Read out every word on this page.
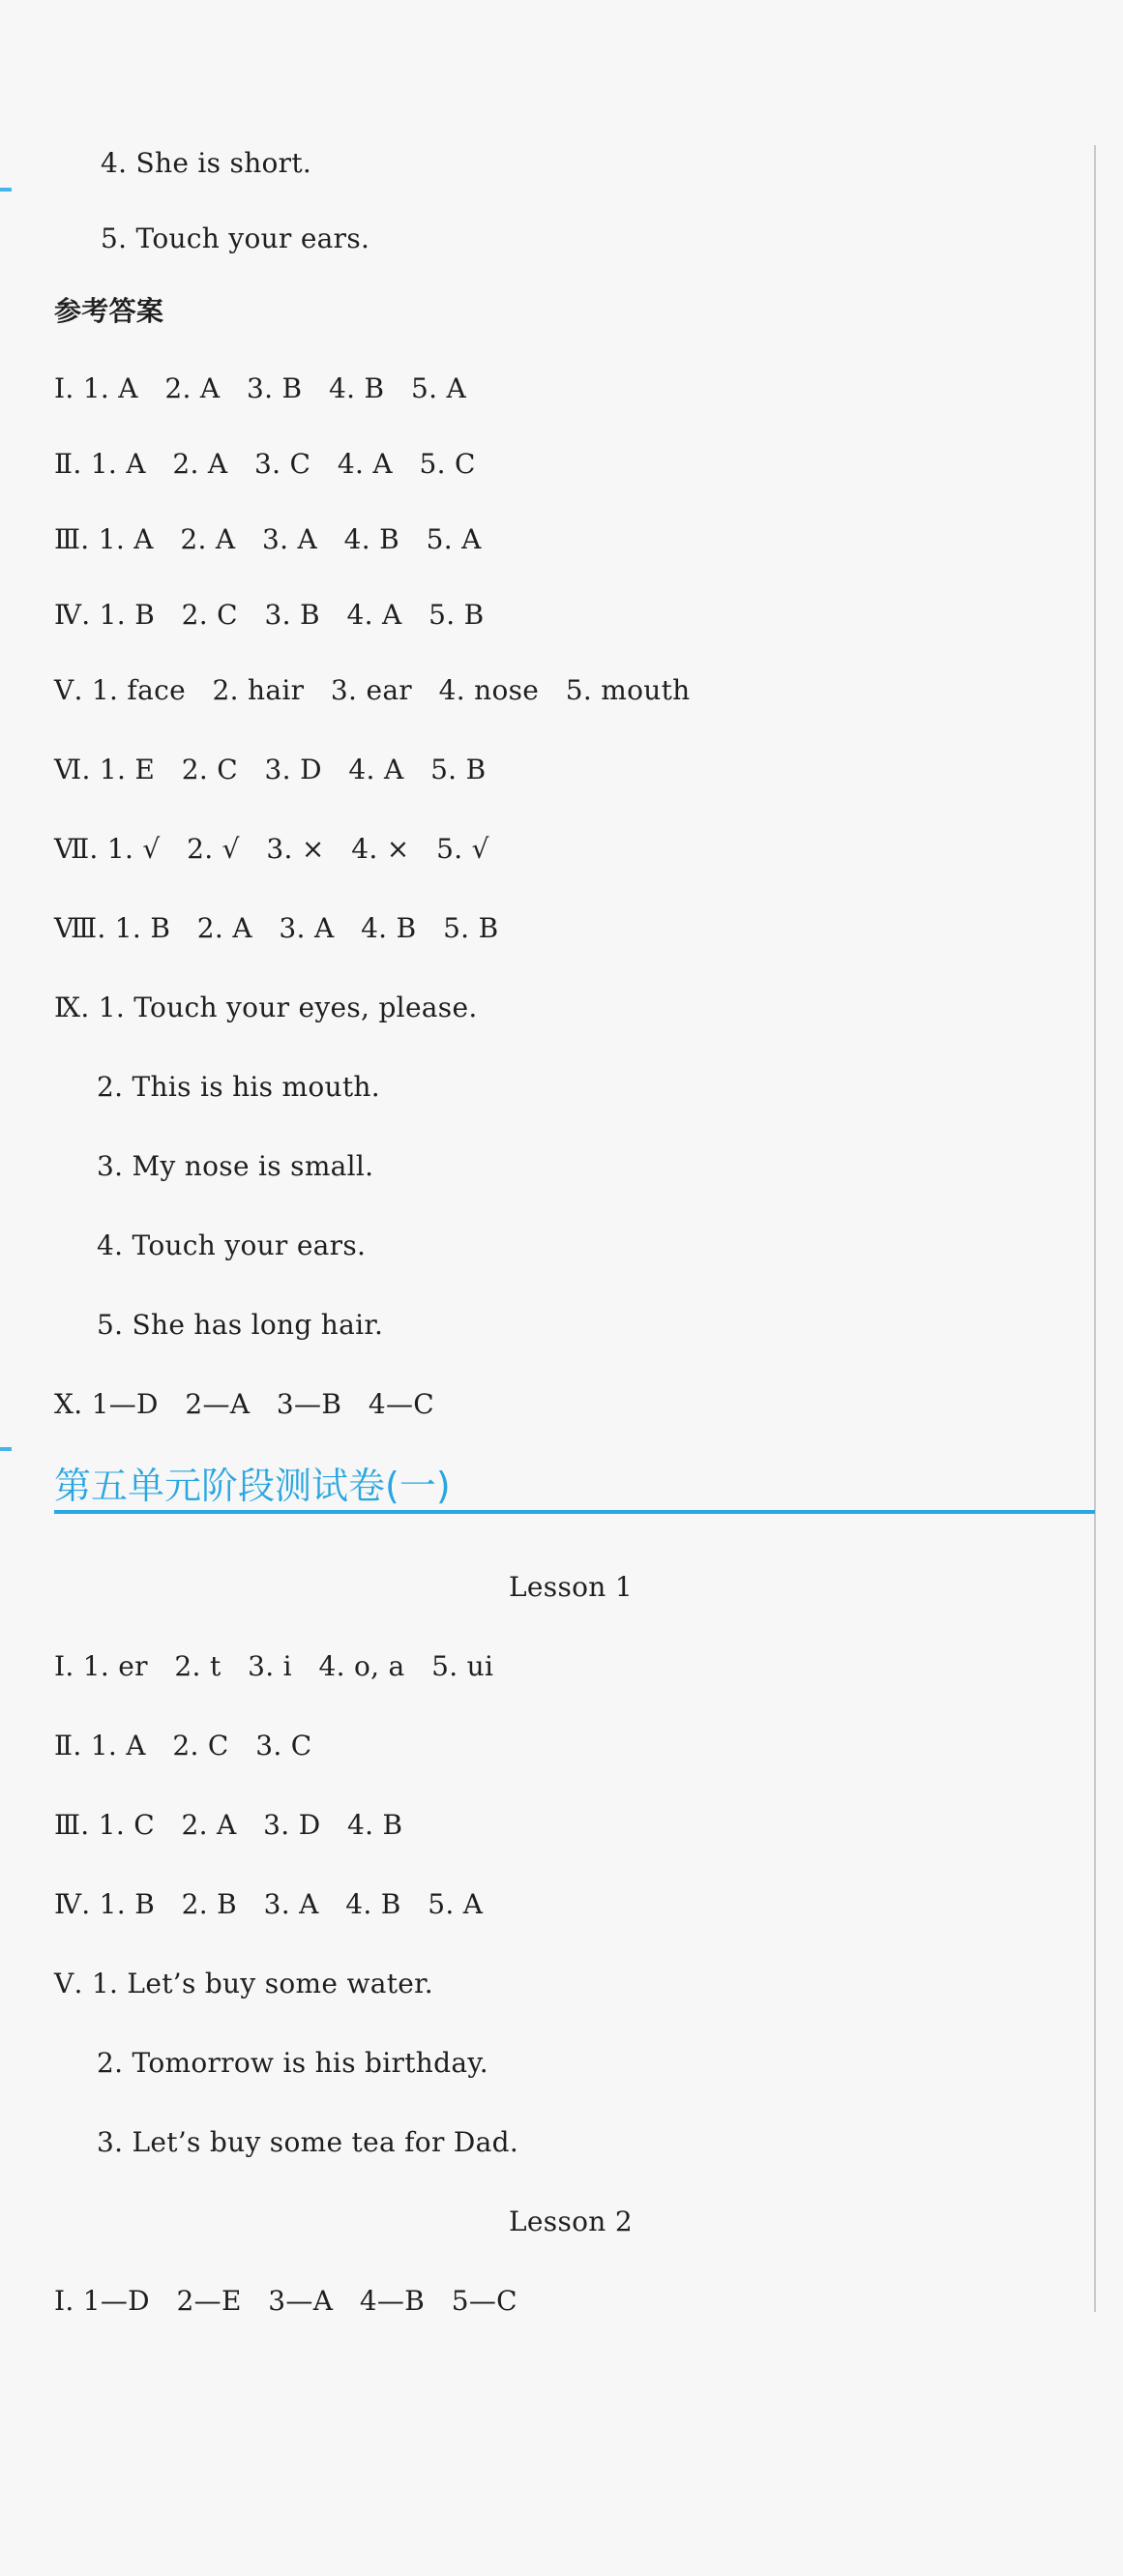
4. She is short.
5. Touch your ears.
参考答案
Ⅰ. 1. A   2. A   3. B   4. B   5. A
Ⅱ. 1. A   2. A   3. C   4. A   5. C
Ⅲ. 1. A   2. A   3. A   4. B   5. A
Ⅳ. 1. B   2. C   3. B   4. A   5. B
Ⅴ. 1. face   2. hair   3. ear   4. nose   5. mouth
Ⅵ. 1. E   2. C   3. D   4. A   5. B
Ⅶ. 1. √   2. √   3. ×   4. ×   5. √
Ⅷ. 1. B   2. A   3. A   4. B   5. B
Ⅸ. 1. Touch your eyes, please.
2. This is his mouth.
3. My nose is small.
4. Touch your ears.
5. She has long hair.
Ⅹ. 1—D   2—A   3—B   4—C
第五单元阶段测试卷(一)
Lesson 1
Ⅰ. 1. er   2. t   3. i   4. o, a   5. ui
Ⅱ. 1. A   2. C   3. C
Ⅲ. 1. C   2. A   3. D   4. B
Ⅳ. 1. B   2. B   3. A   4. B   5. A
Ⅴ. 1. Let’s buy some water.
2. Tomorrow is his birthday.
3. Let’s buy some tea for Dad.
Lesson 2
Ⅰ. 1—D   2—E   3—A   4—B   5—C
